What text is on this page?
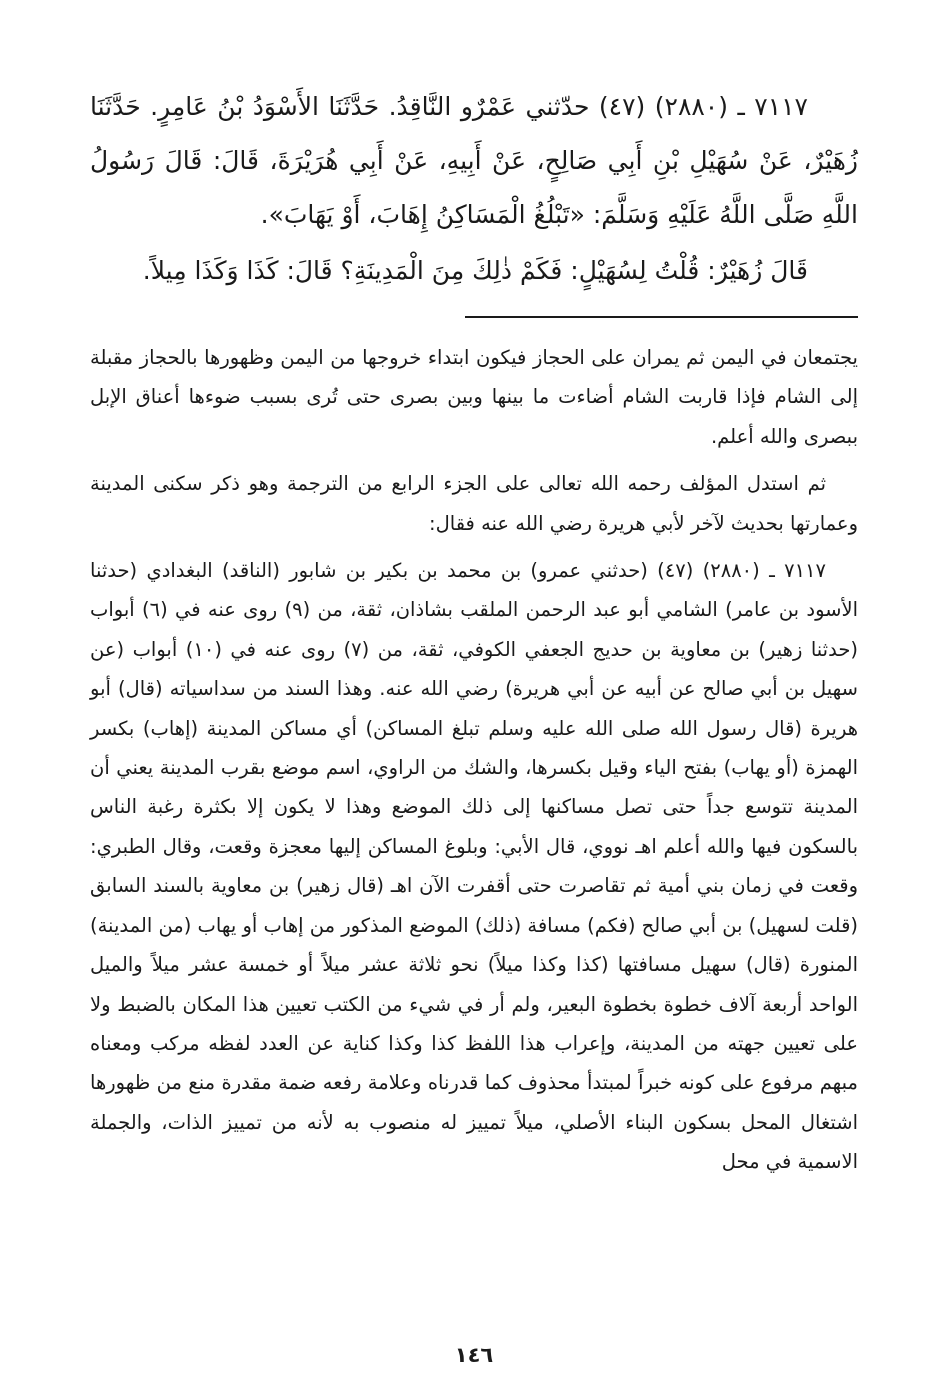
٧١١٧ ـ (٢٨٨٠) (٤٧) حدّثني عَمْرٌو النَّاقِدُ. حَدَّثَنَا الأَسْوَدُ بْنُ عَامِرٍ. حَدَّثَنَا زُهَيْرٌ، عَنْ سُهَيْلِ بْنِ أَبِي صَالِحٍ، عَنْ أَبِيهِ، عَنْ أَبِي هُرَيْرَةَ، قَالَ: قَالَ رَسُولُ اللَّهِ صَلَّى اللَّهُ عَلَيْهِ وَسَلَّمَ: «تَبْلُغُ الْمَسَاكِنُ إِهَابَ، أَوْ يَهَابَ».

قَالَ زُهَيْرٌ: قُلْتُ لِسُهَيْلٍ: فَكَمْ ذٰلِكَ مِنَ الْمَدِينَةِ؟ قَالَ: كَذَا وَكَذَا مِيلاً.

يجتمعان في اليمن ثم يمران على الحجاز فيكون ابتداء خروجها من اليمن وظهورها بالحجاز مقبلة إلى الشام فإذا قاربت الشام أضاءت ما بينها وبين بصرى حتى تُرى بسبب ضوءها أعناق الإبل ببصرى والله أعلم.

ثم استدل المؤلف رحمه الله تعالى على الجزء الرابع من الترجمة وهو ذكر سكنى المدينة وعمارتها بحديث لآخر لأبي هريرة رضي الله عنه فقال:

٧١١٧ ـ (٢٨٨٠) (٤٧) (حدثني عمرو) بن محمد بن بكير بن شابور (الناقد) البغدادي (حدثنا الأسود بن عامر) الشامي أبو عبد الرحمن الملقب بشاذان، ثقة، من (٩) روى عنه في (٦) أبواب (حدثنا زهير) بن معاوية بن حديج الجعفي الكوفي، ثقة، من (٧) روى عنه في (١٠) أبواب (عن سهيل بن أبي صالح عن أبيه عن أبي هريرة) رضي الله عنه. وهذا السند من سداسياته (قال) أبو هريرة (قال رسول الله صلى الله عليه وسلم تبلغ المساكن) أي مساكن المدينة (إهاب) بكسر الهمزة (أو يهاب) بفتح الياء وقيل بكسرها، والشك من الراوي، اسم موضع بقرب المدينة يعني أن المدينة تتوسع جداً حتى تصل مساكنها إلى ذلك الموضع وهذا لا يكون إلا بكثرة رغبة الناس بالسكون فيها والله أعلم اهـ نووي، قال الأبي: وبلوغ المساكن إليها معجزة وقعت، وقال الطبري: وقعت في زمان بني أمية ثم تقاصرت حتى أقفرت الآن اهـ (قال زهير) بن معاوية بالسند السابق (قلت لسهيل) بن أبي صالح (فكم) مسافة (ذلك) الموضع المذكور من إهاب أو يهاب (من المدينة) المنورة (قال) سهيل مسافتها (كذا وكذا ميلاً) نحو ثلاثة عشر ميلاً أو خمسة عشر ميلاً والميل الواحد أربعة آلاف خطوة بخطوة البعير، ولم أر في شيء من الكتب تعيين هذا المكان بالضبط ولا على تعيين جهته من المدينة، وإعراب هذا اللفظ كذا وكذا كناية عن العدد لفظه مركب ومعناه مبهم مرفوع على كونه خبراً لمبتدأ محذوف كما قدرناه وعلامة رفعه ضمة مقدرة منع من ظهورها اشتغال المحل بسكون البناء الأصلي، ميلاً تمييز له منصوب به لأنه من تمييز الذات، والجملة الاسمية في محل

١٤٦
